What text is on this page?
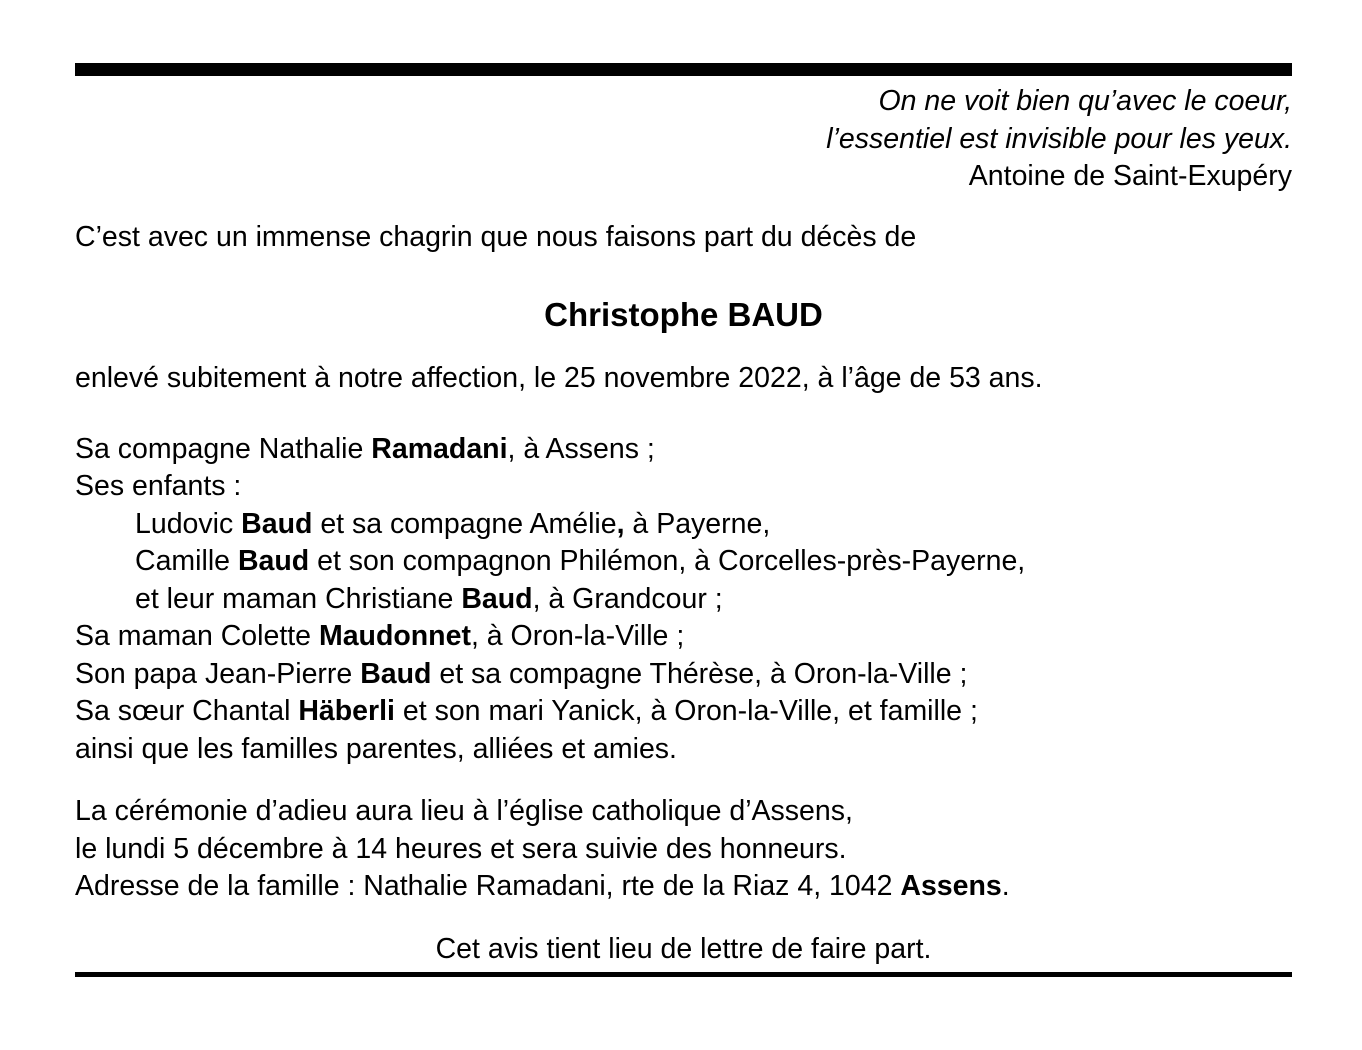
On ne voit bien qu’avec le coeur,
l’essentiel est invisible pour les yeux.
Antoine de Saint-Exupéry

C’est avec un immense chagrin que nous faisons part du décès de

Christophe BAUD

enlevé subitement à notre affection, le 25 novembre 2022, à l’âge de 53 ans.

Sa compagne Nathalie Ramadani, à Assens ;
Ses enfants :
Ludovic Baud et sa compagne Amélie, à Payerne,
Camille Baud et son compagnon Philémon, à Corcelles-près-Payerne,
et leur maman Christiane Baud, à Grandcour ;
Sa maman Colette Maudonnet, à Oron-la-Ville ;
Son papa Jean-Pierre Baud et sa compagne Thérèse, à Oron-la-Ville ;
Sa sœur Chantal Häberli et son mari Yanick, à Oron-la-Ville, et famille ;
ainsi que les familles parentes, alliées et amies.
La cérémonie d’adieu aura lieu à l’église catholique d’Assens,
le lundi 5 décembre à 14 heures et sera suivie des honneurs.
Adresse de la famille : Nathalie Ramadani, rte de la Riaz 4, 1042 Assens.

Cet avis tient lieu de lettre de faire part.
